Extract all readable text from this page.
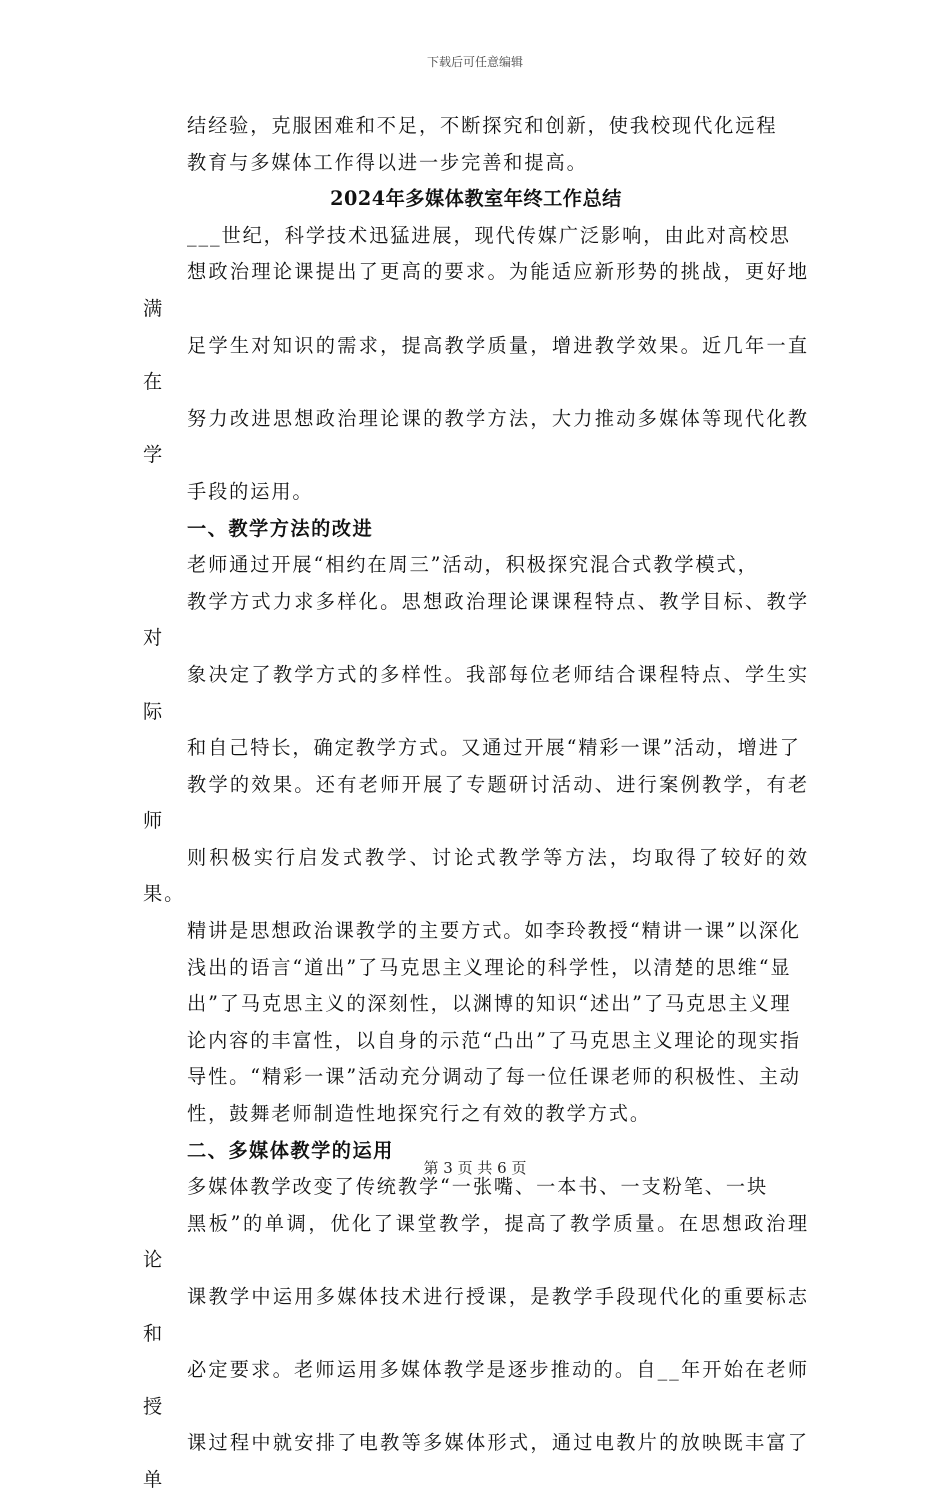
下载后可任意编辑

结经验，克服困难和不足，不断探究和创新，使我校现代化远程
教育与多媒体工作得以进一步完善和提高。

2024年多媒体教室年终工作总结

___世纪，科学技术迅猛进展，现代传媒广泛影响，由此对高校思
想政治理论课提出了更高的要求。为能适应新形势的挑战，更好地满
足学生对知识的需求，提高教学质量，增进教学效果。近几年一直在
努力改进思想政治理论课的教学方法，大力推动多媒体等现代化教学
手段的运用。

一、教学方法的改进

老师通过开展“相约在周三”活动，积极探究混合式教学模式，
教学方式力求多样化。思想政治理论课课程特点、教学目标、教学对
象决定了教学方式的多样性。我部每位老师结合课程特点、学生实际
和自己特长，确定教学方式。又通过开展“精彩一课”活动，增进了
教学的效果。还有老师开展了专题研讨活动、进行案例教学，有老师
则积极实行启发式教学、讨论式教学等方法，均取得了较好的效果。
精讲是思想政治课教学的主要方式。如李玲教授“精讲一课”以深化
浅出的语言“道出”了马克思主义理论的科学性，以清楚的思维“显
出”了马克思主义的深刻性，以渊博的知识“述出”了马克思主义理
论内容的丰富性，以自身的示范“凸出”了马克思主义理论的现实指
导性。“精彩一课”活动充分调动了每一位任课老师的积极性、主动
性，鼓舞老师制造性地探究行之有效的教学方式。

二、多媒体教学的运用

多媒体教学改变了传统教学“一张嘴、一本书、一支粉笔、一块
黑板”的单调，优化了课堂教学，提高了教学质量。在思想政治理论
课教学中运用多媒体技术进行授课，是教学手段现代化的重要标志和
必定要求。老师运用多媒体教学是逐步推动的。自__年开始在老师授
课过程中就安排了电教等多媒体形式，通过电教片的放映既丰富了单

第 3 页 共 6 页
